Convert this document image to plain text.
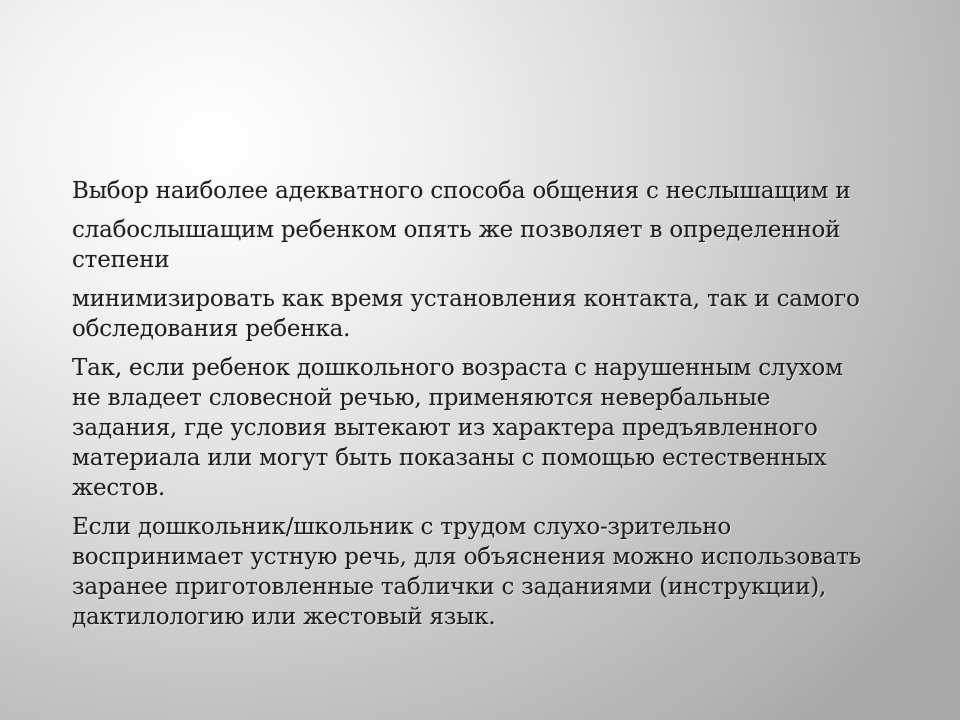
Выбор наиболее адекватного способа общения с неслышащим и

слабослышащим ребенком опять же позволяет в определенной
степени

минимизировать как время установления контакта, так и самого
обследования ребенка.

Так, если ребенок дошкольного возраста с нарушенным слухом
не владеет словесной речью, применяются невербальные
задания, где условия вытекают из характера предъявленного
материала или могут быть показаны с помощью естественных
жестов.

Если дошкольник/школьник с трудом слухо-зрительно
воспринимает устную речь, для объяснения можно использовать
заранее приготовленные таблички с заданиями (инструкции),
дактилологию или жестовый язык.
